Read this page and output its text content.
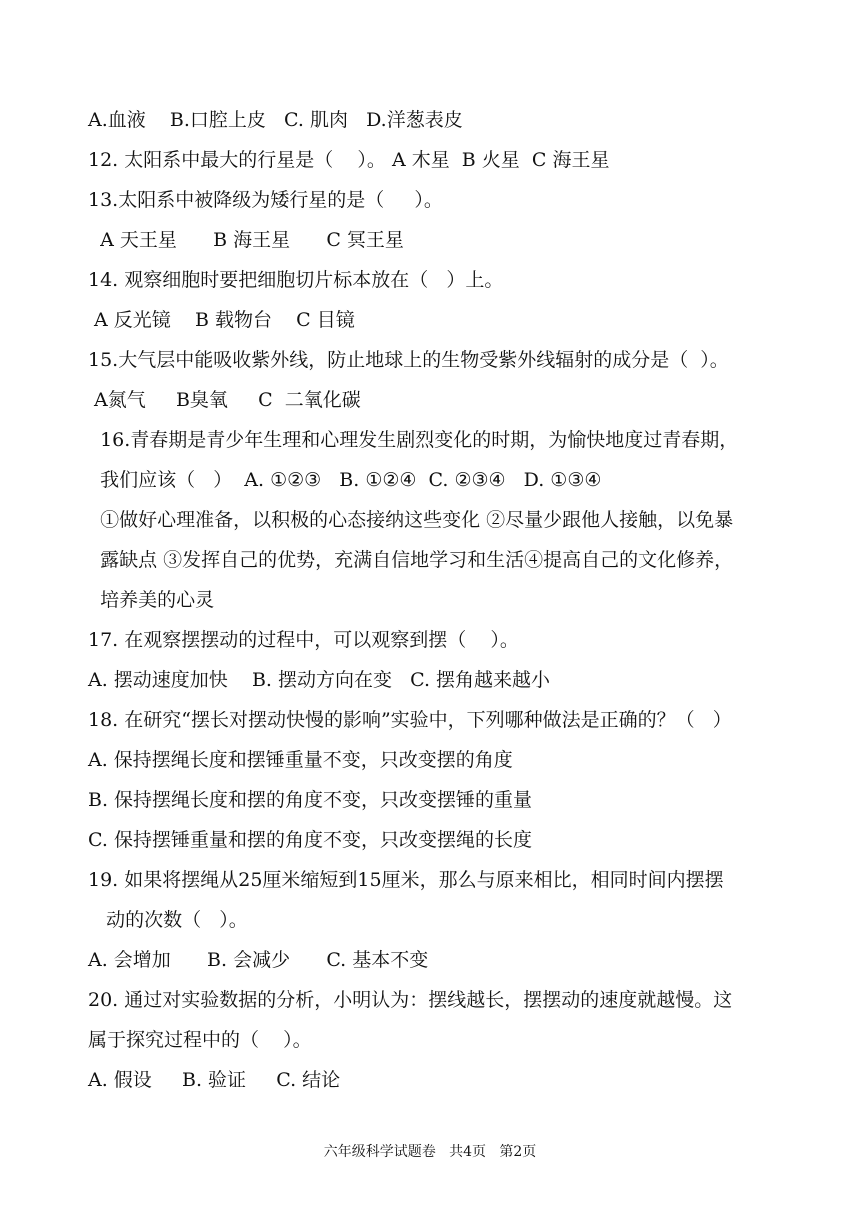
A.血液    B.口腔上皮   C. 肌肉   D.洋葱表皮
12. 太阳系中最大的行星是（    ）。 A 木星  B 火星  C 海王星
13.太阳系中被降级为矮行星的是（     ）。
A 天王星      B 海王星      C 冥王星
14. 观察细胞时要把细胞切片标本放在（   ）上。
A 反光镜    B 载物台    C 目镜
15.大气层中能吸收紫外线，防止地球上的生物受紫外线辐射的成分是（  ）。
A氮气     B臭氧     C  二氧化碳
16.青春期是青少年生理和心理发生剧烈变化的时期，为愉快地度过青春期，
我们应该（   ）  A. ①②③   B. ①②④  C. ②③④   D. ①③④
①做好心理准备，以积极的心态接纳这些变化 ②尽量少跟他人接触，以免暴
露缺点 ③发挥自己的优势，充满自信地学习和生活④提高自己的文化修养，
培养美的心灵
17. 在观察摆摆动的过程中，可以观察到摆（    ）。
A. 摆动速度加快    B. 摆动方向在变   C. 摆角越来越小
18. 在研究“摆长对摆动快慢的影响”实验中，下列哪种做法是正确的？（   ）
A. 保持摆绳长度和摆锤重量不变，只改变摆的角度
B. 保持摆绳长度和摆的角度不变，只改变摆锤的重量
C. 保持摆锤重量和摆的角度不变，只改变摆绳的长度
19. 如果将摆绳从25厘米缩短到15厘米，那么与原来相比，相同时间内摆摆
动的次数（   ）。
A. 会增加      B. 会减少      C. 基本不变
20. 通过对实验数据的分析，小明认为：摆线越长，摆摆动的速度就越慢。这
属于探究过程中的（    ）。
A. 假设     B. 验证     C. 结论
六年级科学试题卷   共4页   第2页
